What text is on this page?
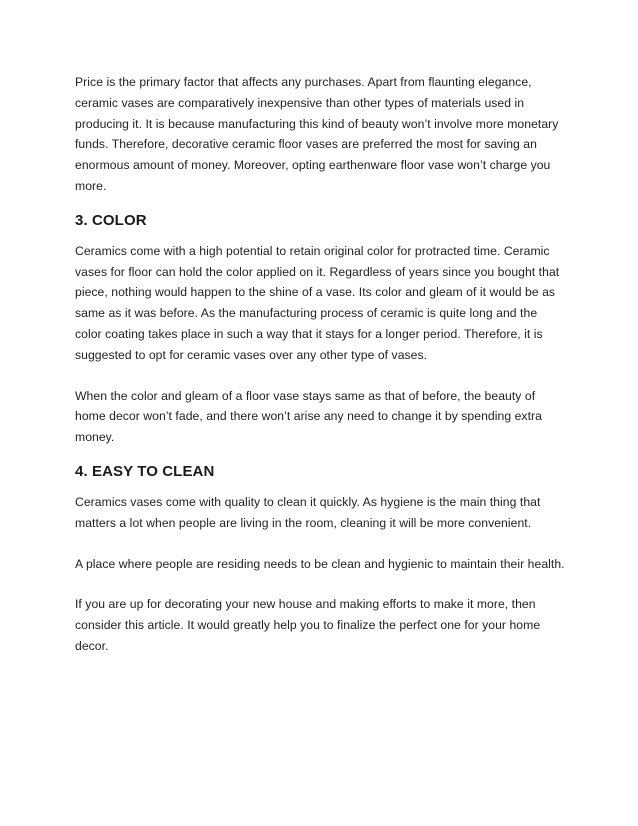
Price is the primary factor that affects any purchases. Apart from flaunting elegance, ceramic vases are comparatively inexpensive than other types of materials used in producing it. It is because manufacturing this kind of beauty won’t involve more monetary funds. Therefore, decorative ceramic floor vases are preferred the most for saving an enormous amount of money. Moreover, opting earthenware floor vase won’t charge you more.

3. COLOR

Ceramics come with a high potential to retain original color for protracted time. Ceramic vases for floor can hold the color applied on it. Regardless of years since you bought that piece, nothing would happen to the shine of a vase. Its color and gleam of it would be as same as it was before. As the manufacturing process of ceramic is quite long and the color coating takes place in such a way that it stays for a longer period. Therefore, it is suggested to opt for ceramic vases over any other type of vases.

When the color and gleam of a floor vase stays same as that of before, the beauty of home decor won’t fade, and there won’t arise any need to change it by spending extra money.

4. EASY TO CLEAN

Ceramics vases come with quality to clean it quickly. As hygiene is the main thing that matters a lot when people are living in the room, cleaning it will be more convenient.

A place where people are residing needs to be clean and hygienic to maintain their health.

If you are up for decorating your new house and making efforts to make it more, then consider this article. It would greatly help you to finalize the perfect one for your home decor.
